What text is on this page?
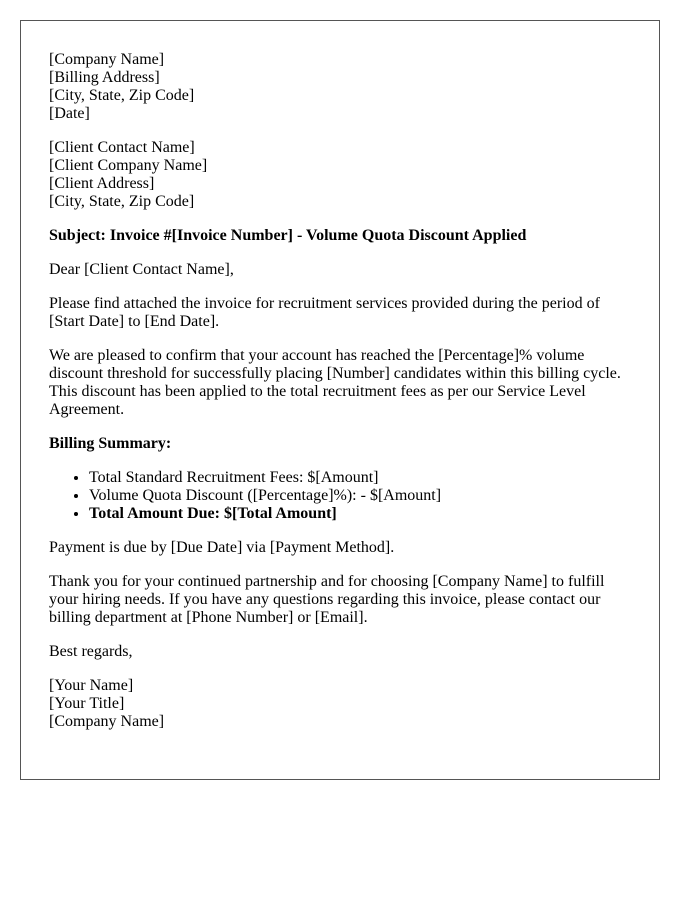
[Company Name]
[Billing Address]
[City, State, Zip Code]
[Date]
[Client Contact Name]
[Client Company Name]
[Client Address]
[City, State, Zip Code]

Subject: Invoice #[Invoice Number] - Volume Quota Discount Applied

Dear [Client Contact Name],

Please find attached the invoice for recruitment services provided during the period of [Start Date] to [End Date].

We are pleased to confirm that your account has reached the [Percentage]% volume discount threshold for successfully placing [Number] candidates within this billing cycle. This discount has been applied to the total recruitment fees as per our Service Level Agreement.

Billing Summary:

• Total Standard Recruitment Fees: $[Amount]
• Volume Quota Discount ([Percentage]%): - $[Amount]
• Total Amount Due: $[Total Amount]

Payment is due by [Due Date] via [Payment Method].

Thank you for your continued partnership and for choosing [Company Name] to fulfill your hiring needs. If you have any questions regarding this invoice, please contact our billing department at [Phone Number] or [Email].

Best regards,

[Your Name]
[Your Title]
[Company Name]
